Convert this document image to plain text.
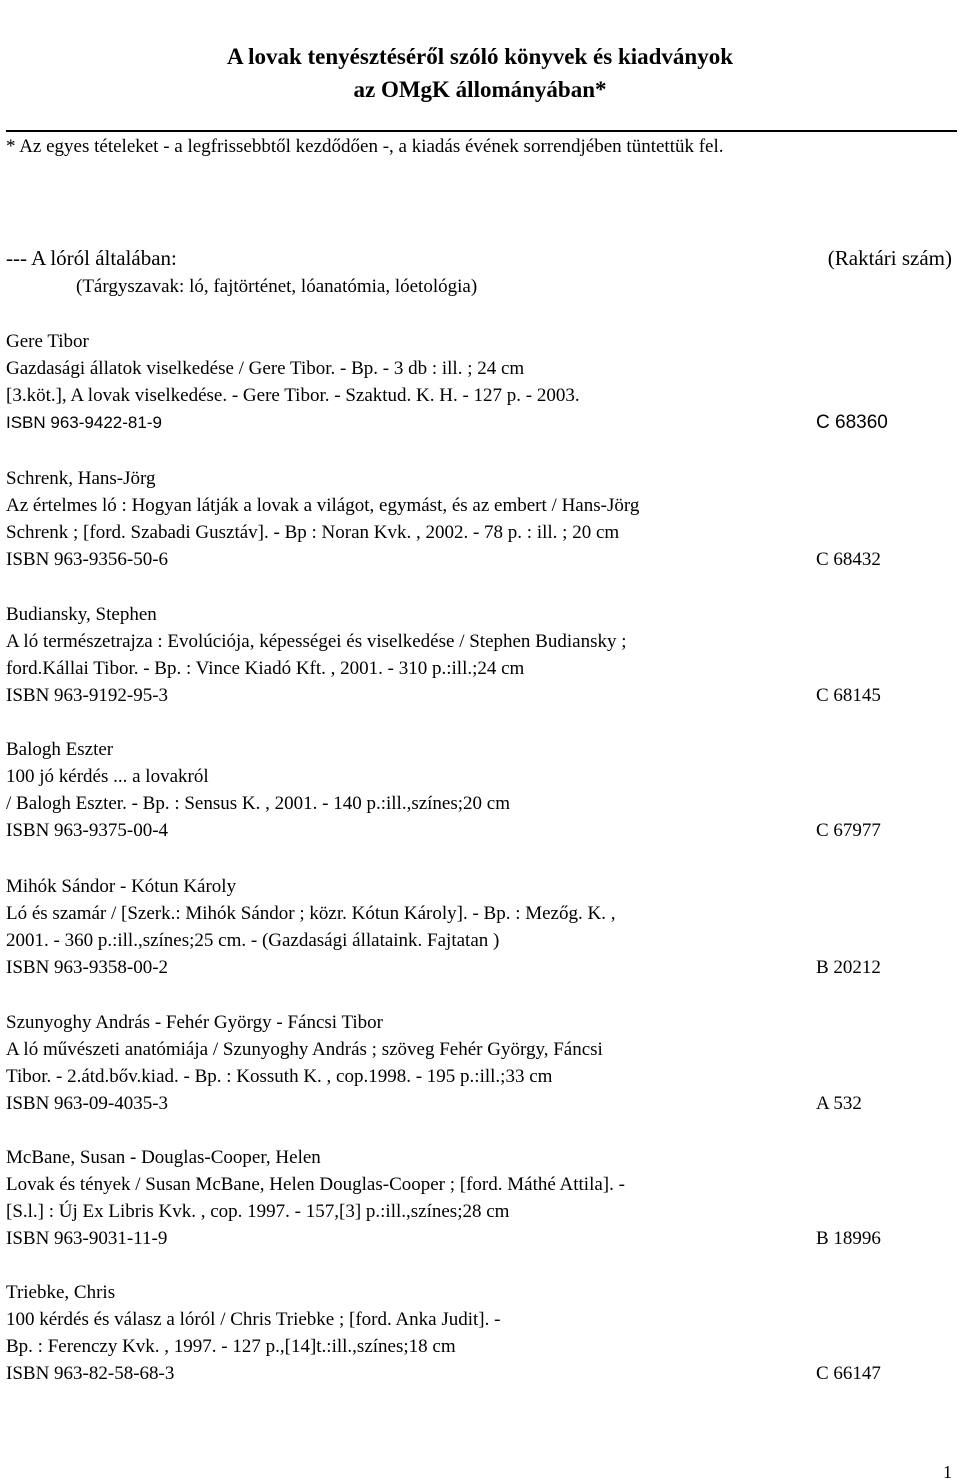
A lovak tenyésztéséről szóló könyvek és kiadványok
az OMgK állományában*
* Az egyes tételeket - a legfrissebbtől kezdődően -, a kiadás évének sorrendjében tüntettük fel.
--- A lóról általában:	(Raktári szám)
(Tárgyszavak: ló, fajtörténet, lóanatómia, lóetológia)
Gere Tibor
Gazdasági állatok viselkedése / Gere Tibor. - Bp. - 3 db : ill. ; 24 cm
[3.köt.], A lovak viselkedése. - Gere Tibor. - Szaktud. K. H. - 127 p. - 2003.
ISBN 963-9422-81-9	C 68360
Schrenk, Hans-Jörg
Az értelmes ló : Hogyan látják a lovak a világot, egymást, és az embert / Hans-Jörg
Schrenk ; [ford. Szabadi Gusztáv]. - Bp : Noran Kvk. , 2002. - 78 p. : ill. ; 20 cm
ISBN 963-9356-50-6	C 68432
Budiansky, Stephen
A ló természetrajza : Evolúciója, képességei és viselkedése / Stephen Budiansky ;
ford.Kállai Tibor. - Bp. : Vince Kiadó Kft. , 2001. - 310 p.:ill.;24 cm
ISBN 963-9192-95-3	C 68145
Balogh Eszter
100 jó kérdés ... a lovakról
/ Balogh Eszter. - Bp. : Sensus K. , 2001. - 140 p.:ill.,színes;20 cm
ISBN 963-9375-00-4	C 67977
Mihók Sándor - Kótun Károly
Ló és szamár / [Szerk.: Mihók Sándor ; közr. Kótun Károly]. - Bp. : Mezőg. K. ,
2001. - 360 p.:ill.,színes;25 cm. - (Gazdasági állataink. Fajtatan )
ISBN 963-9358-00-2	B 20212
Szunyoghy András - Fehér György - Fáncsi Tibor
A ló művészeti anatómiája / Szunyoghy András ; szöveg Fehér György, Fáncsi
Tibor. - 2.átd.bőv.kiad. - Bp. : Kossuth K. , cop.1998. - 195 p.:ill.;33 cm
ISBN 963-09-4035-3	A 532
McBane, Susan - Douglas-Cooper, Helen
Lovak és tények / Susan McBane, Helen Douglas-Cooper ; [ford. Máthé Attila]. -
[S.l.] : Új Ex Libris Kvk. , cop. 1997. - 157,[3] p.:ill.,színes;28 cm
ISBN 963-9031-11-9	B 18996
Triebke, Chris
100 kérdés és válasz a lóról / Chris Triebke ; [ford. Anka Judit]. -
Bp. : Ferenczy Kvk. , 1997. - 127 p.,[14]t.:ill.,színes;18 cm
ISBN 963-82-58-68-3	C 66147
1
